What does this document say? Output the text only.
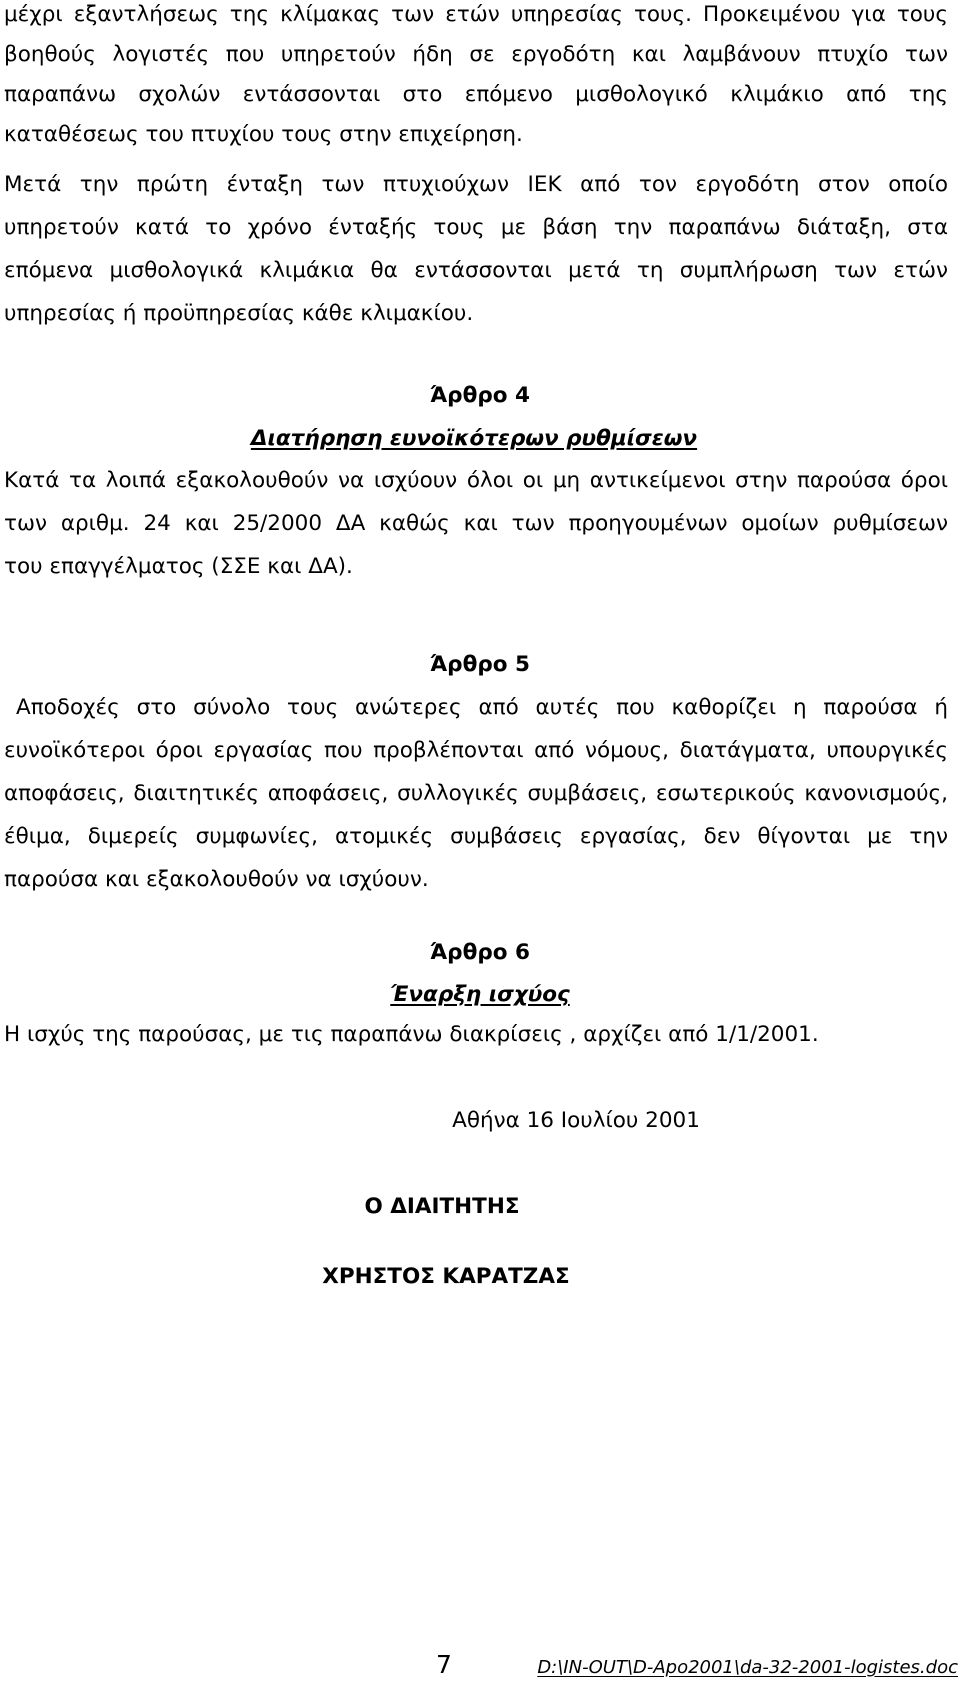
μέχρι εξαντλήσεως της κλίμακας των ετών υπηρεσίας τους. Προκειμένου για τους
βοηθούς λογιστές που υπηρετούν ήδη σε εργοδότη και λαμβάνουν πτυχίο των
παραπάνω σχολών εντάσσονται στο επόμενο μισθολογικό κλιμάκιο από της
καταθέσεως του πτυχίου τους στην επιχείρηση.
Μετά την πρώτη ένταξη των πτυχιούχων ΙΕΚ από τον εργοδότη στον οποίο
υπηρετούν κατά το χρόνο ένταξής τους με βάση την παραπάνω διάταξη, στα
επόμενα μισθολογικά κλιμάκια θα εντάσσονται μετά τη συμπλήρωση των ετών
υπηρεσίας ή προϋπηρεσίας κάθε κλιμακίου.
Άρθρο 4
Διατήρηση ευνοϊκότερων ρυθμίσεων
Κατά τα λοιπά εξακολουθούν να ισχύουν όλοι οι μη αντικείμενοι στην παρούσα όροι
των αριθμ. 24 και 25/2000 ΔΑ καθώς και των προηγουμένων ομοίων ρυθμίσεων
του επαγγέλματος (ΣΣΕ και ΔΑ).
Άρθρο 5
Αποδοχές στο σύνολο τους ανώτερες από αυτές που καθορίζει η παρούσα ή
ευνοϊκότεροι όροι εργασίας που προβλέπονται από νόμους, διατάγματα, υπουργικές
αποφάσεις, διαιτητικές αποφάσεις, συλλογικές συμβάσεις, εσωτερικούς κανονισμούς,
έθιμα, διμερείς συμφωνίες, ατομικές συμβάσεις εργασίας, δεν θίγονται με την
παρούσα και εξακολουθούν να ισχύουν.
Άρθρο 6
Έναρξη ισχύος
Η ισχύς της παρούσας, με τις παραπάνω διακρίσεις , αρχίζει από 1/1/2001.
Αθήνα 16 Ιουλίου 2001
Ο ΔΙΑΙΤΗΤΗΣ
ΧΡΗΣΤΟΣ ΚΑΡΑΤΖΑΣ
7	D:\IN-OUT\D-Apo2001\da-32-2001-logistes.doc
